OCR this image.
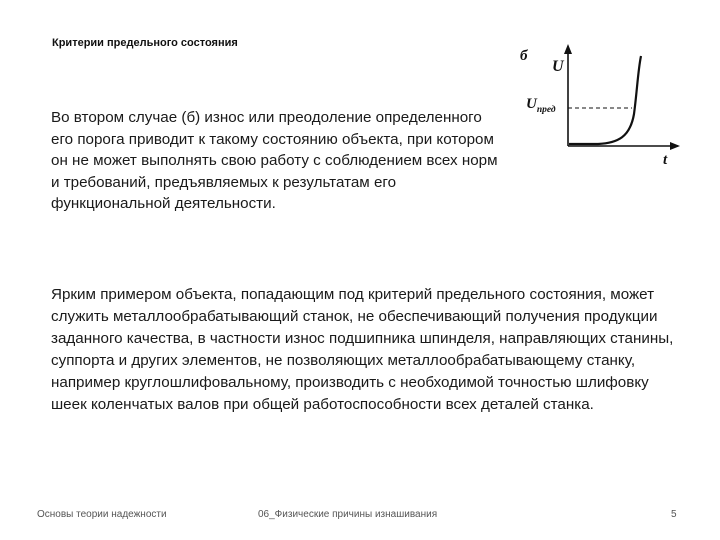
Критерии предельного состояния
Во втором случае (б) износ или преодоление определенного его порога приводит к такому состоянию объекта, при котором он не может выполнять свою работу с соблюдением всех норм и требований, предъявляемых к результатам его функциональной деятельности.
б
U
t
$U_{пред}$
Ярким примером объекта, попадающим под критерий предельного состояния, может служить металлообрабатывающий станок, не обеспечивающий получения продукции заданного качества, в частности износ подшипника шпинделя, направляющих станины, суппорта и других элементов, не позволяющих металлообрабатывающему станку, например круглошлифовальному, производить с необходимой точностью шлифовку шеек коленчатых валов при общей работоспособности всех деталей станка.
Основы теории надежности	06_Физические причины изнашивания	5
